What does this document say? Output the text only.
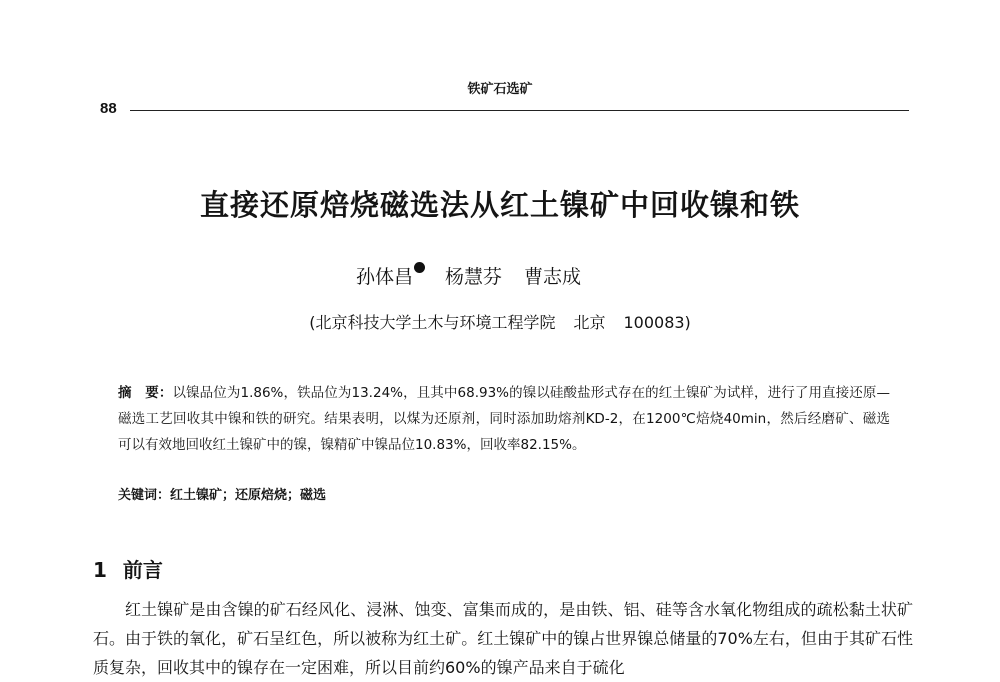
铁矿石选矿
88
直接还原焙烧磁选法从红土镍矿中回收镍和铁
孙体昌 杨慧芬 曹志成
(北京科技大学土木与环境工程学院 北京 100083)
摘　要：以镍品位为1.86%，铁品位为13.24%，且其中68.93%的镍以硅酸盐形式存在的红土镍矿为试样，进行了用直接还原—磁选工艺回收其中镍和铁的研究。结果表明，以煤为还原剂，同时添加助熔剂KD-2，在1200℃焙烧40min，然后经磨矿、磁选可以有效地回收红土镍矿中的镍，镍精矿中镍品位10.83%，回收率82.15%。
关键词：红土镍矿；还原焙烧；磁选
1 前言

红土镍矿是由含镍的矿石经风化、浸淋、蚀变、富集而成的，是由铁、铝、硅等含水氧化物组成的疏松黏土状矿石。由于铁的氧化，矿石呈红色，所以被称为红土矿。红土镍矿中的镍占世界镍总储量的70%左右，但由于其矿石性质复杂，回收其中的镍存在一定困难，所以目前约60%的镍产品来自于硫化
